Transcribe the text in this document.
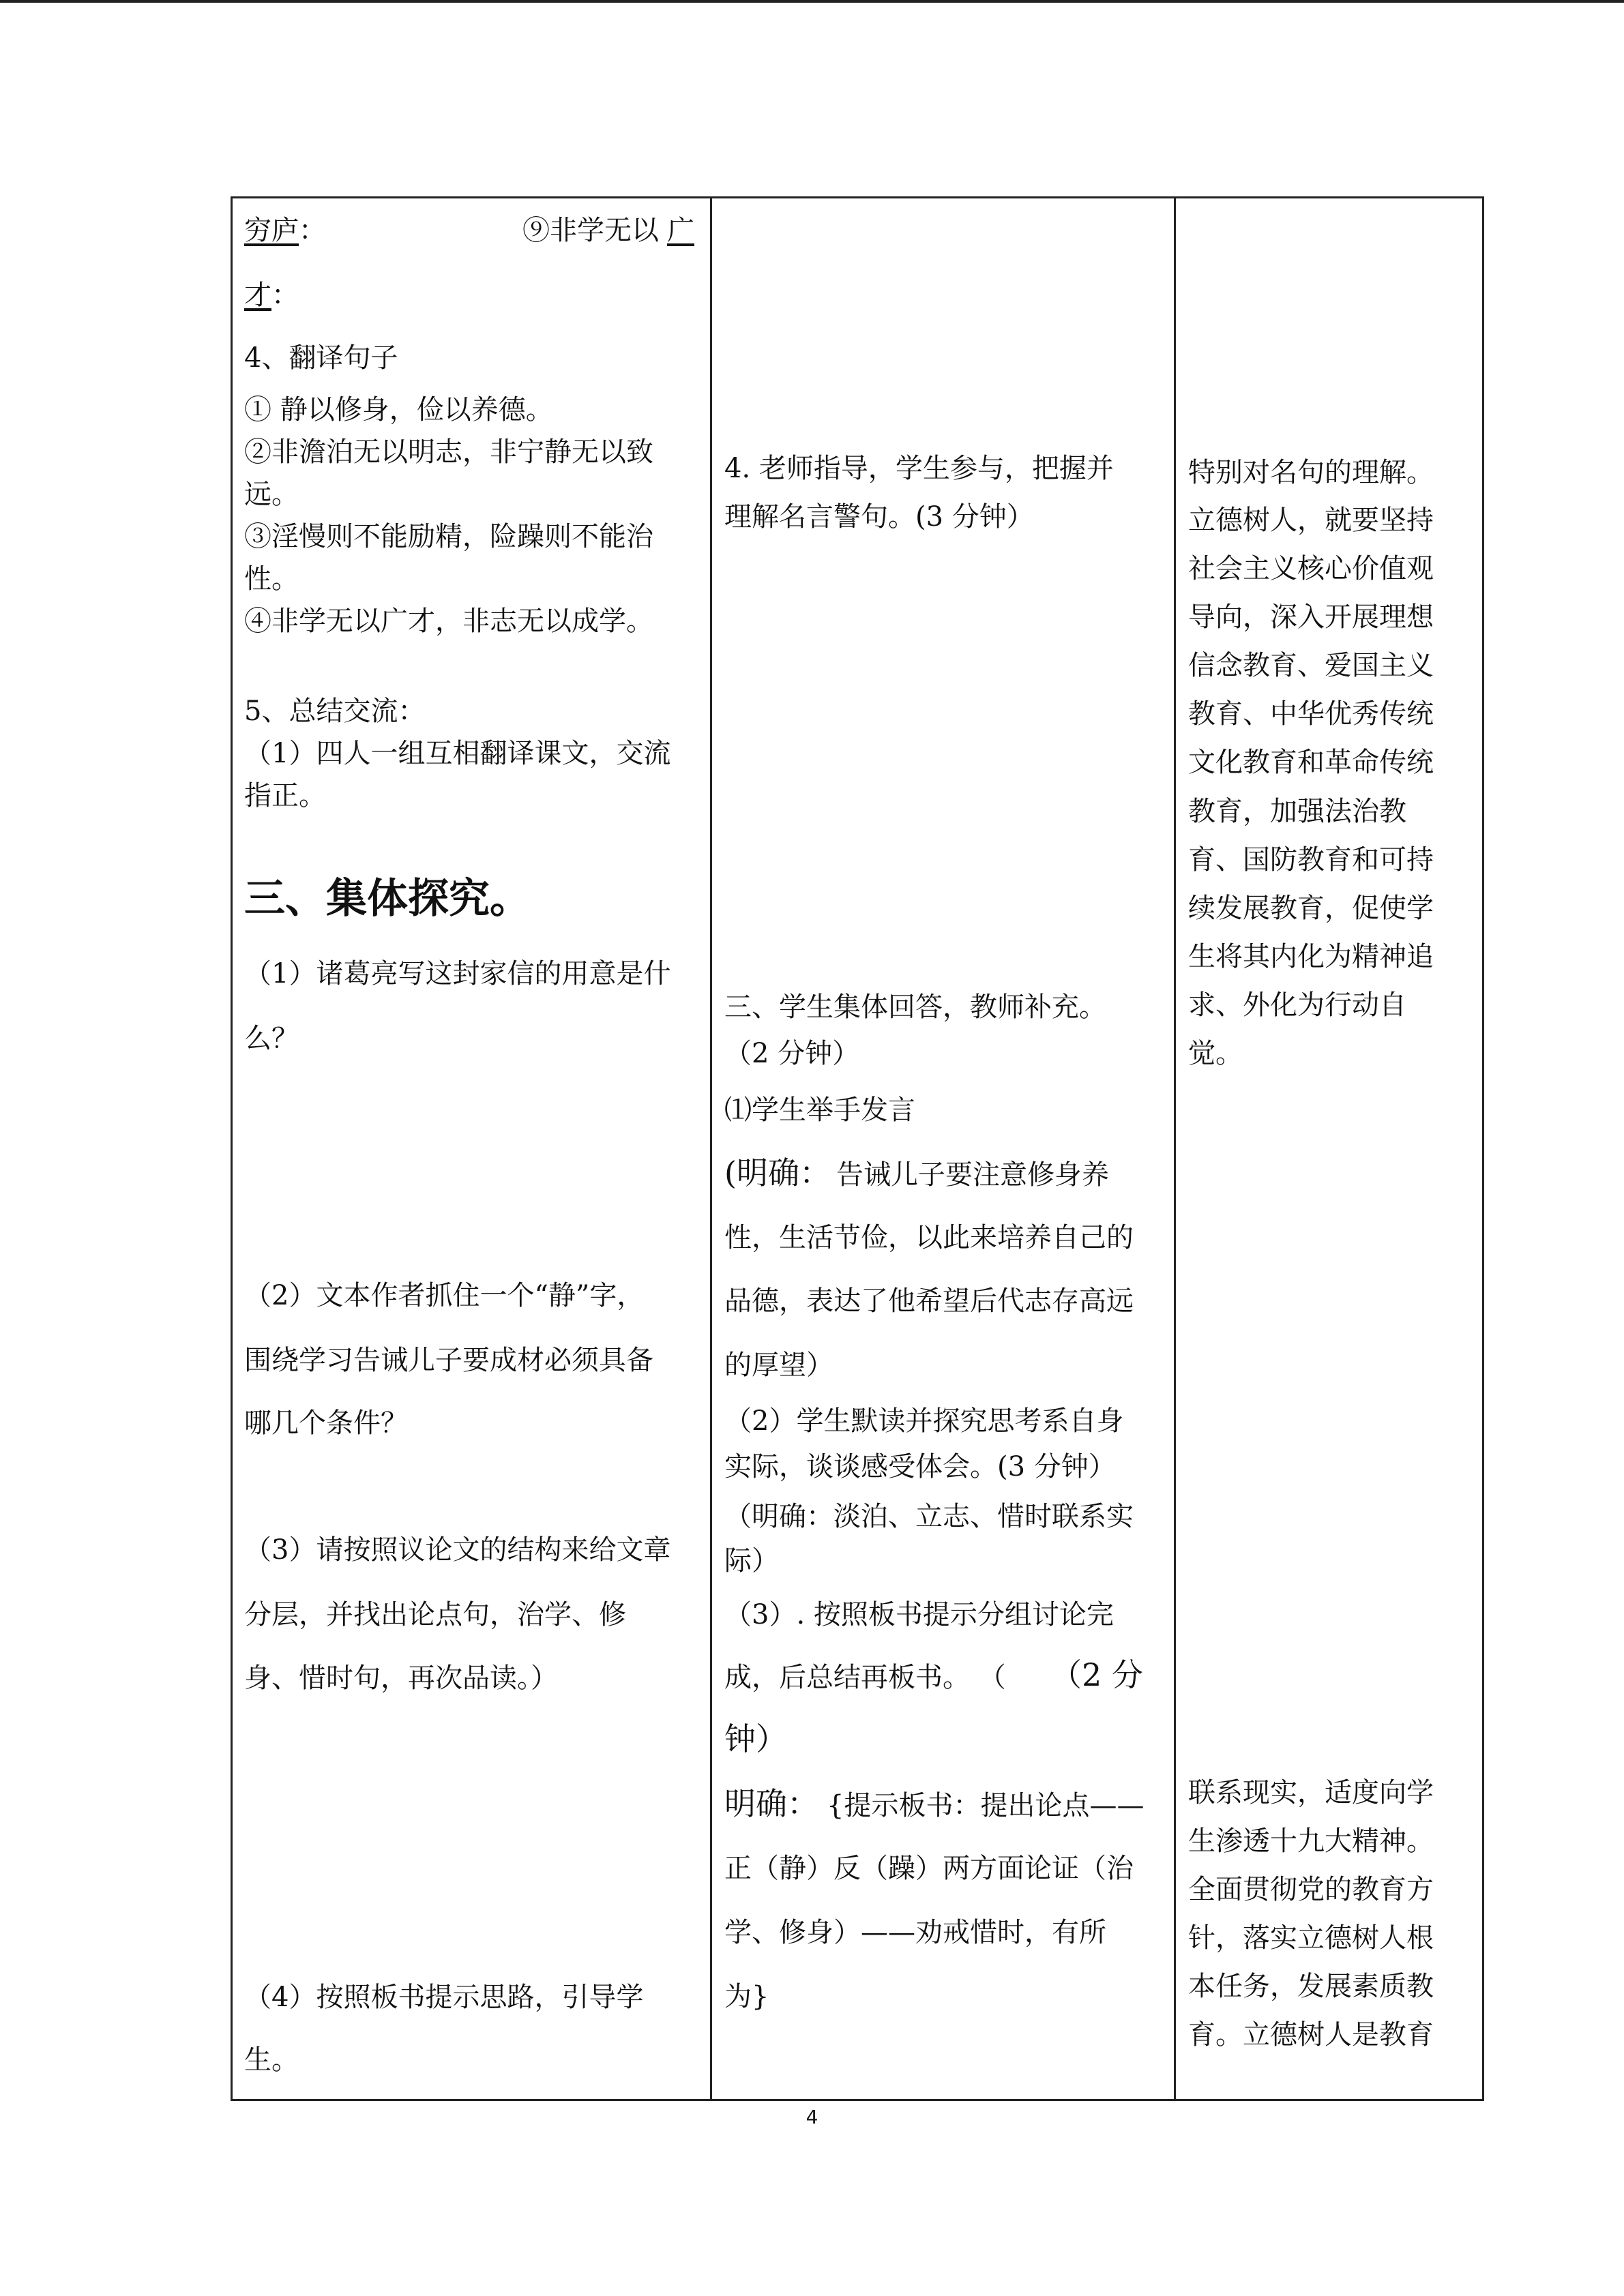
穷庐 ：	⑨非学无以 广
才 ：
4、翻译句子
① 静以修身，俭以养德。
②非澹泊无以明志，非宁静无以致
远。
③淫慢则不能励精，险躁则不能治
性。
④非学无以广才，非志无以成学。
5、总结交流：
（1）四人一组互相翻译课文，交流
指正。
三、集体探究。
（1）诸葛亮写这封家信的用意是什
么？
（2）文本作者抓住一个“静”字，
围绕学习告诫儿子要成材必须具备
哪几个条件？
（3）请按照议论文的结构来给文章
分层，并找出论点句，治学、修
身、惜时句，再次品读。）
（4）按照板书提示思路，引导学
生。
4. 老师指导，学生参与，把握并
理解名言警句。(3 分钟）
三、学生集体回答，教师补充。
（2 分钟）
⑴学生举手发言
(明确： 告诫儿子要注意修身养
性，生活节俭，以此来培养自己的
品德，表达了他希望后代志存高远
的厚望）
（2）学生默读并探究思考系自身
实际，谈谈感受体会。(3 分钟）
（明确：淡泊、立志、惜时联系实
际）
（3）. 按照板书提示分组讨论完
成，后总结再板书。 （ （2 分
钟）
明确： {提示板书：提出论点——
正（静）反（躁）两方面论证（治
学、修身）——劝戒惜时，有所
为}
特别对名句的理解。
立德树人，就要坚持
社会主义核心价值观
导向，深入开展理想
信念教育、爱国主义
教育、中华优秀传统
文化教育和革命传统
教育，加强法治教
育、国防教育和可持
续发展教育，促使学
生将其内化为精神追
求、外化为行动自
觉。
联系现实，适度向学
生渗透十九大精神。
全面贯彻党的教育方
针，落实立德树人根
本任务，发展素质教
育。立德树人是教育
4
